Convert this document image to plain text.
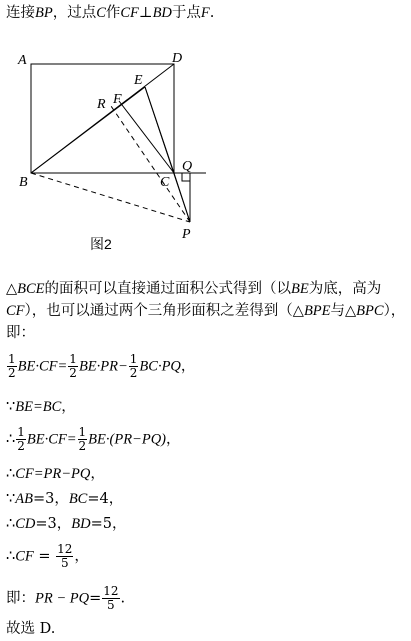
连接BP，过点C作CF⊥BD于点F.
A	D
E
R F
B	C
Q
P
图2
△BCE的面积可以直接通过面积公式得到（以BE为底，高为CF），也可以通过两个三角形面积之差得到（△BPE与△BPC），即：
$\frac{1}{2} BE\cdot CF= \frac{1}{2} BE\cdot PR- \frac{1}{2} BC\cdot PQ$，
∵BE=BC，
∴ $\frac{1}{2} BE\cdot CF= \frac{1}{2} BE\cdot(PR-PQ)$，
∴CF=PR−PQ，
∵AB=3，BC=4，
∴CD=3，BD=5，
∴CF = $\frac{12}{5}$ ，
即：PR − $PQ= \frac{12}{5}$ .
故选 D.
